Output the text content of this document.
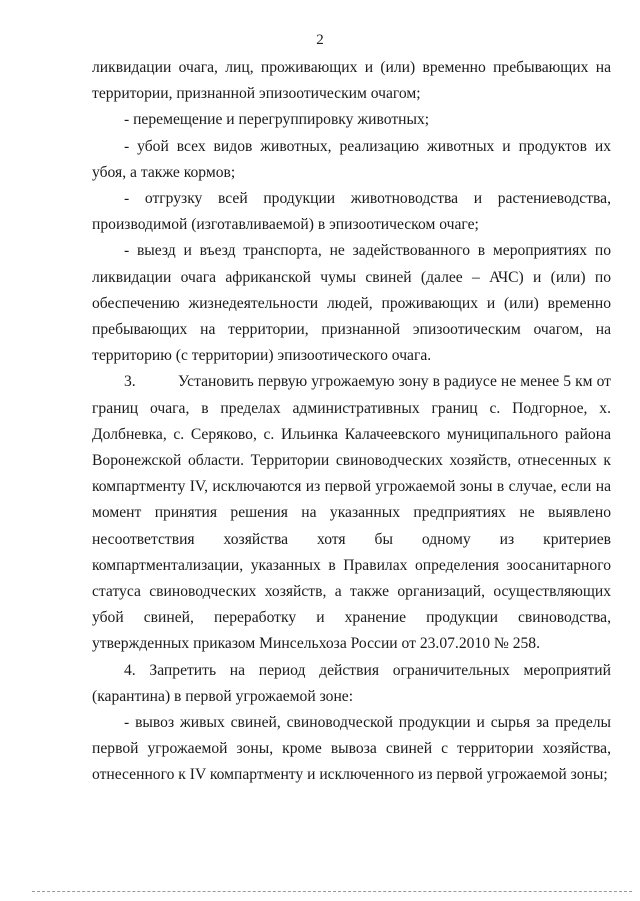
2

ликвидации очага, лиц, проживающих и (или) временно пребывающих на территории, признанной эпизоотическим очагом;

- перемещение и перегруппировку животных;

- убой всех видов животных, реализацию животных и продуктов их убоя, а также кормов;

- отгрузку всей продукции животноводства и растениеводства, производимой (изготавливаемой) в эпизоотическом очаге;

- выезд и въезд транспорта, не задействованного в мероприятиях по ликвидации очага африканской чумы свиней (далее – АЧС) и (или) по обеспечению жизнедеятельности людей, проживающих и (или) временно пребывающих на территории, признанной эпизоотическим очагом, на территорию (с территории) эпизоотического очага.

3.	Установить первую угрожаемую зону в радиусе не менее 5 км от границ очага, в пределах административных границ с. Подгорное, х. Долбневка, с. Серяково, с. Ильинка Калачеевского муниципального района Воронежской области. Территории свиноводческих хозяйств, отнесенных к компартменту IV, исключаются из первой угрожаемой зоны в случае, если на момент принятия решения на указанных предприятиях не выявлено несоответствия хозяйства хотя бы одному из критериев компартментализации, указанных в Правилах определения зоосанитарного статуса свиноводческих хозяйств, а также организаций, осуществляющих убой свиней, переработку и хранение продукции свиноводства, утвержденных приказом Минсельхоза России от 23.07.2010 № 258.

4. Запретить на период действия ограничительных мероприятий (карантина) в первой угрожаемой зоне:

- вывоз живых свиней, свиноводческой продукции и сырья за пределы первой угрожаемой зоны, кроме вывоза свиней с территории хозяйства, отнесенного к IV компартменту и исключенного из первой угрожаемой зоны;
